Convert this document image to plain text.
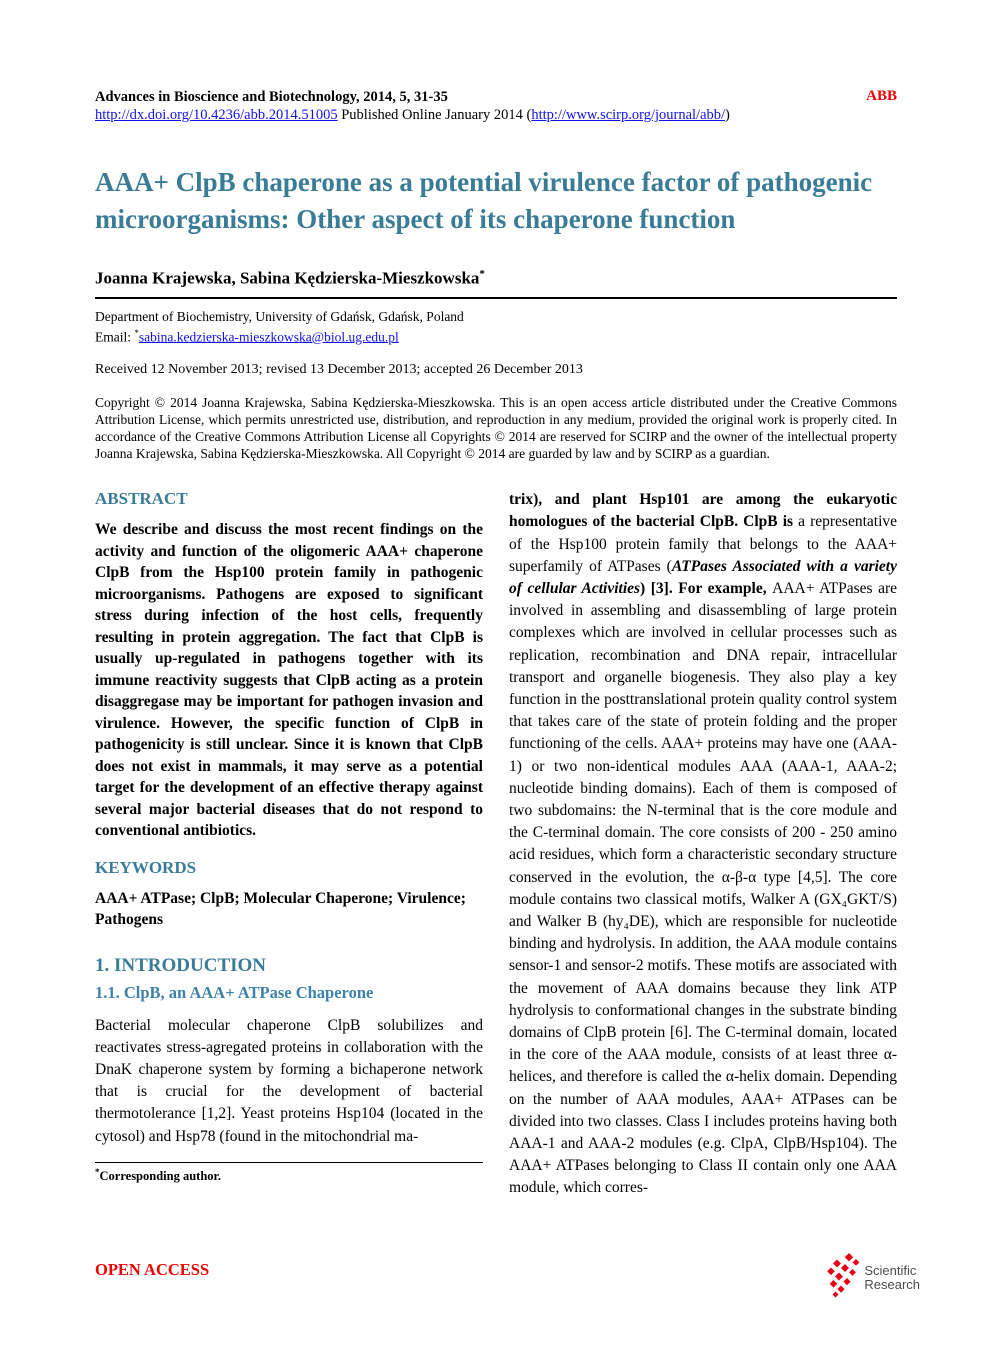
Advances in Bioscience and Biotechnology, 2014, 5, 31-35
http://dx.doi.org/10.4236/abb.2014.51005 Published Online January 2014 (http://www.scirp.org/journal/abb/)
ABB
AAA+ ClpB chaperone as a potential virulence factor of pathogenic microorganisms: Other aspect of its chaperone function
Joanna Krajewska, Sabina Kędzierska-Mieszkowska*
Department of Biochemistry, University of Gdańsk, Gdańsk, Poland
Email: *sabina.kedzierska-mieszkowska@biol.ug.edu.pl
Received 12 November 2013; revised 13 December 2013; accepted 26 December 2013

Copyright © 2014 Joanna Krajewska, Sabina Kędzierska-Mieszkowska. This is an open access article distributed under the Creative Commons Attribution License, which permits unrestricted use, distribution, and reproduction in any medium, provided the original work is properly cited. In accordance of the Creative Commons Attribution License all Copyrights © 2014 are reserved for SCIRP and the owner of the intellectual property Joanna Krajewska, Sabina Kędzierska-Mieszkowska. All Copyright © 2014 are guarded by law and by SCIRP as a guardian.

ABSTRACT

We describe and discuss the most recent findings on the activity and function of the oligomeric AAA+ chaperone ClpB from the Hsp100 protein family in pathogenic microorganisms. Pathogens are exposed to significant stress during infection of the host cells, frequently resulting in protein aggregation. The fact that ClpB is usually up-regulated in pathogens together with its immune reactivity suggests that ClpB acting as a protein disaggregase may be important for pathogen invasion and virulence. However, the specific function of ClpB in pathogenicity is still unclear. Since it is known that ClpB does not exist in mammals, it may serve as a potential target for the development of an effective therapy against several major bacterial diseases that do not respond to conventional antibiotics.

KEYWORDS

AAA+ ATPase; ClpB; Molecular Chaperone; Virulence; Pathogens

1. INTRODUCTION
1.1. ClpB, an AAA+ ATPase Chaperone

Bacterial molecular chaperone ClpB solubilizes and reactivates stress-agregated proteins in collaboration with the DnaK chaperone system by forming a bichaperone network that is crucial for the development of bacterial thermotolerance [1,2]. Yeast proteins Hsp104 (located in the cytosol) and Hsp78 (found in the mitochondrial ma-

*Corresponding author.

trix), and plant Hsp101 are among the eukaryotic homologues of the bacterial ClpB. ClpB is a representative of the Hsp100 protein family that belongs to the AAA+ superfamily of ATPases (ATPases Associated with a variety of cellular Activities) [3]. For example, AAA+ ATPases are involved in assembling and disassembling of large protein complexes which are involved in cellular processes such as replication, recombination and DNA repair, intracellular transport and organelle biogenesis. They also play a key function in the posttranslational protein quality control system that takes care of the state of protein folding and the proper functioning of the cells. AAA+ proteins may have one (AAA-1) or two non-identical modules AAA (AAA-1, AAA-2; nucleotide binding domains). Each of them is composed of two subdomains: the N-terminal that is the core module and the C-terminal domain. The core consists of 200 - 250 amino acid residues, which form a characteristic secondary structure conserved in the evolution, the α-β-α type [4,5]. The core module contains two classical motifs, Walker A (GX₄GKT/S) and Walker B (hy₄DE), which are responsible for nucleotide binding and hydrolysis. In addition, the AAA module contains sensor-1 and sensor-2 motifs. These motifs are associated with the movement of AAA domains because they link ATP hydrolysis to conformational changes in the substrate binding domains of ClpB protein [6]. The C-terminal domain, located in the core of the AAA module, consists of at least three α-helices, and therefore is called the α-helix domain. Depending on the number of AAA modules, AAA+ ATPases can be divided into two classes. Class I includes proteins having both AAA-1 and AAA-2 modules (e.g. ClpA, ClpB/Hsp104). The AAA+ ATPases belonging to Class II contain only one AAA module, which corres-

OPEN ACCESS	Scientific
Research
